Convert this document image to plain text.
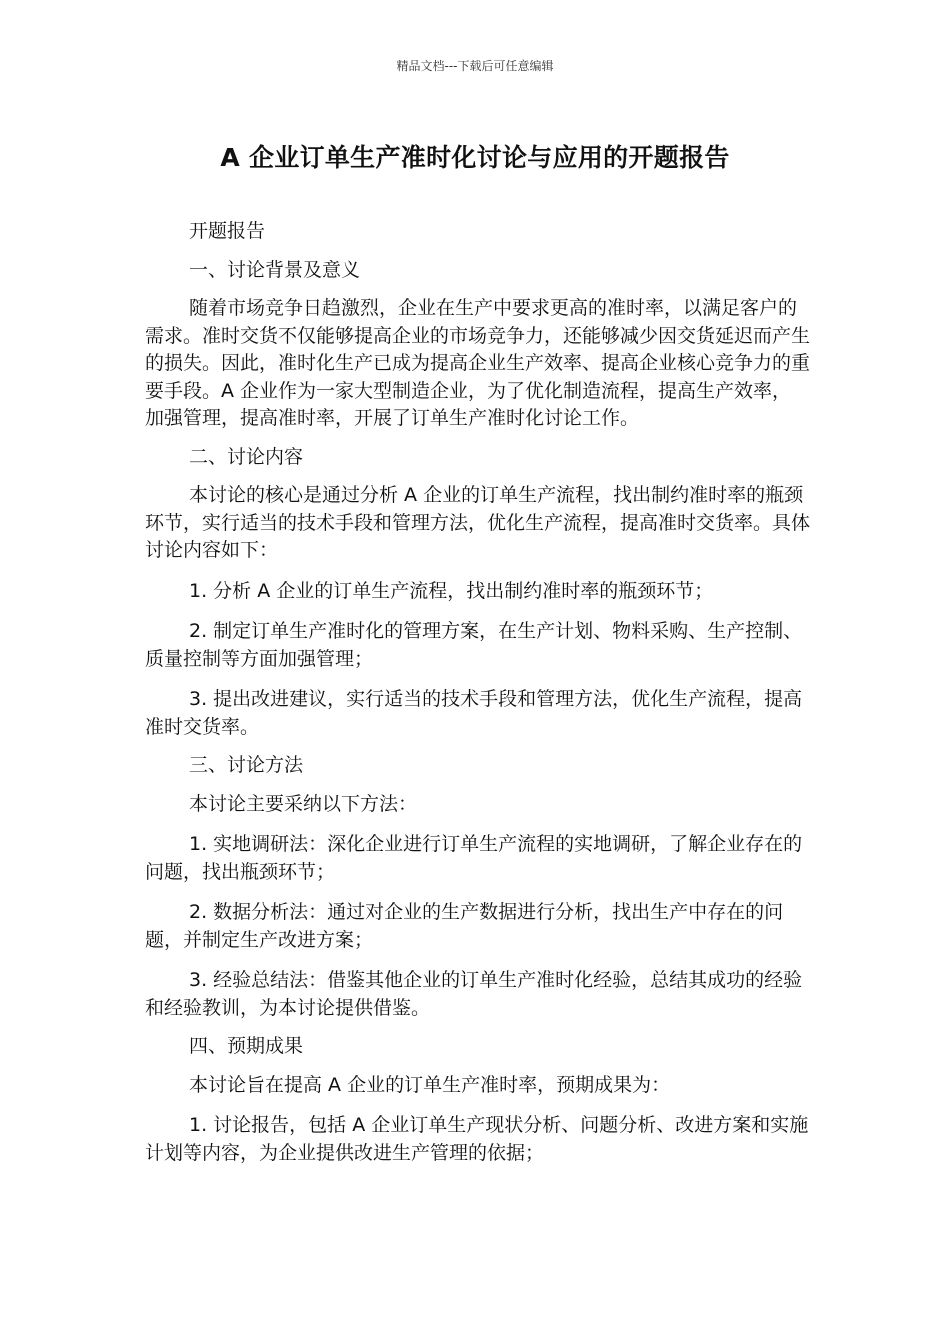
精品文档---下载后可任意编辑
A 企业订单生产准时化讨论与应用的开题报告

开题报告

一、讨论背景及意义

随着市场竞争日趋激烈，企业在生产中要求更高的准时率，以满足客户的需求。准时交货不仅能够提高企业的市场竞争力，还能够减少因交货延迟而产生的损失。因此，准时化生产已成为提高企业生产效率、提高企业核心竞争力的重要手段。A 企业作为一家大型制造企业，为了优化制造流程，提高生产效率，加强管理，提高准时率，开展了订单生产准时化讨论工作。

二、讨论内容

本讨论的核心是通过分析 A 企业的订单生产流程，找出制约准时率的瓶颈环节，实行适当的技术手段和管理方法，优化生产流程，提高准时交货率。具体讨论内容如下：

1. 分析 A 企业的订单生产流程，找出制约准时率的瓶颈环节；

2. 制定订单生产准时化的管理方案，在生产计划、物料采购、生产控制、质量控制等方面加强管理；

3. 提出改进建议，实行适当的技术手段和管理方法，优化生产流程，提高准时交货率。

三、讨论方法

本讨论主要采纳以下方法：

1. 实地调研法：深化企业进行订单生产流程的实地调研，了解企业存在的问题，找出瓶颈环节；

2. 数据分析法：通过对企业的生产数据进行分析，找出生产中存在的问题，并制定生产改进方案；

3. 经验总结法：借鉴其他企业的订单生产准时化经验，总结其成功的经验和经验教训，为本讨论提供借鉴。

四、预期成果

本讨论旨在提高 A 企业的订单生产准时率，预期成果为：

1. 讨论报告，包括 A 企业订单生产现状分析、问题分析、改进方案和实施计划等内容，为企业提供改进生产管理的依据；
